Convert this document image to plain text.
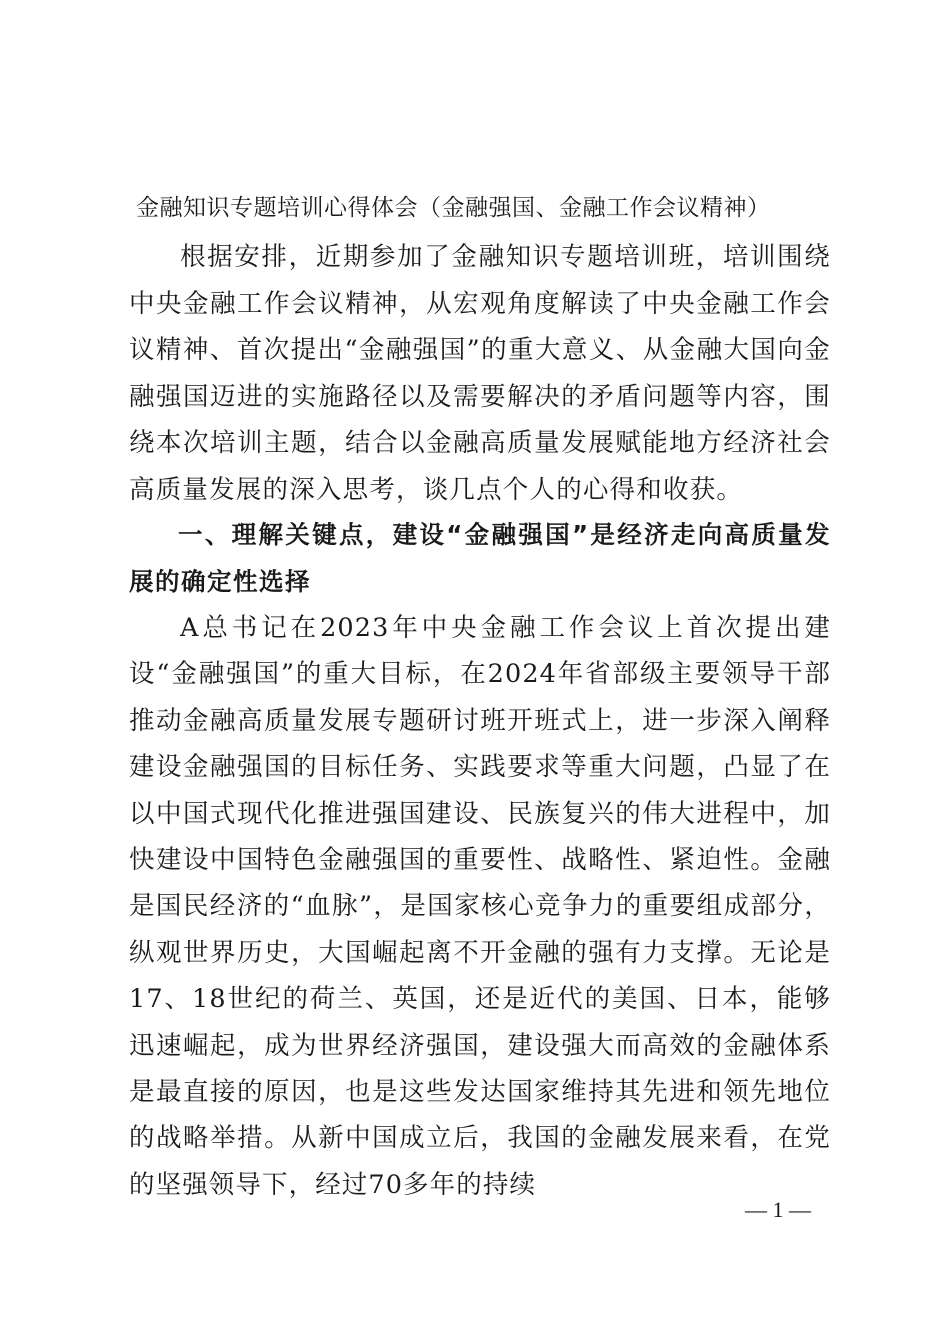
金融知识专题培训心得体会（金融强国、金融工作会议精神）

根据安排，近期参加了金融知识专题培训班，培训围绕中央金融工作会议精神，从宏观角度解读了中央金融工作会议精神、首次提出“金融强国”的重大意义、从金融大国向金融强国迈进的实施路径以及需要解决的矛盾问题等内容，围绕本次培训主题，结合以金融高质量发展赋能地方经济社会高质量发展的深入思考，谈几点个人的心得和收获。

一、理解关键点，建设“金融强国”是经济走向高质量发展的确定性选择

A总书记在2023年中央金融工作会议上首次提出建设“金融强国”的重大目标，在2024年省部级主要领导干部推动金融高质量发展专题研讨班开班式上，进一步深入阐释建设金融强国的目标任务、实践要求等重大问题，凸显了在以中国式现代化推进强国建设、民族复兴的伟大进程中，加快建设中国特色金融强国的重要性、战略性、紧迫性。金融是国民经济的“血脉”，是国家核心竞争力的重要组成部分，纵观世界历史，大国崛起离不开金融的强有力支撑。无论是17、18世纪的荷兰、英国，还是近代的美国、日本，能够迅速崛起，成为世界经济强国，建设强大而高效的金融体系是最直接的原因，也是这些发达国家维持其先进和领先地位的战略举措。从新中国成立后，我国的金融发展来看，在党的坚强领导下，经过70多年的持续

— 1 —
